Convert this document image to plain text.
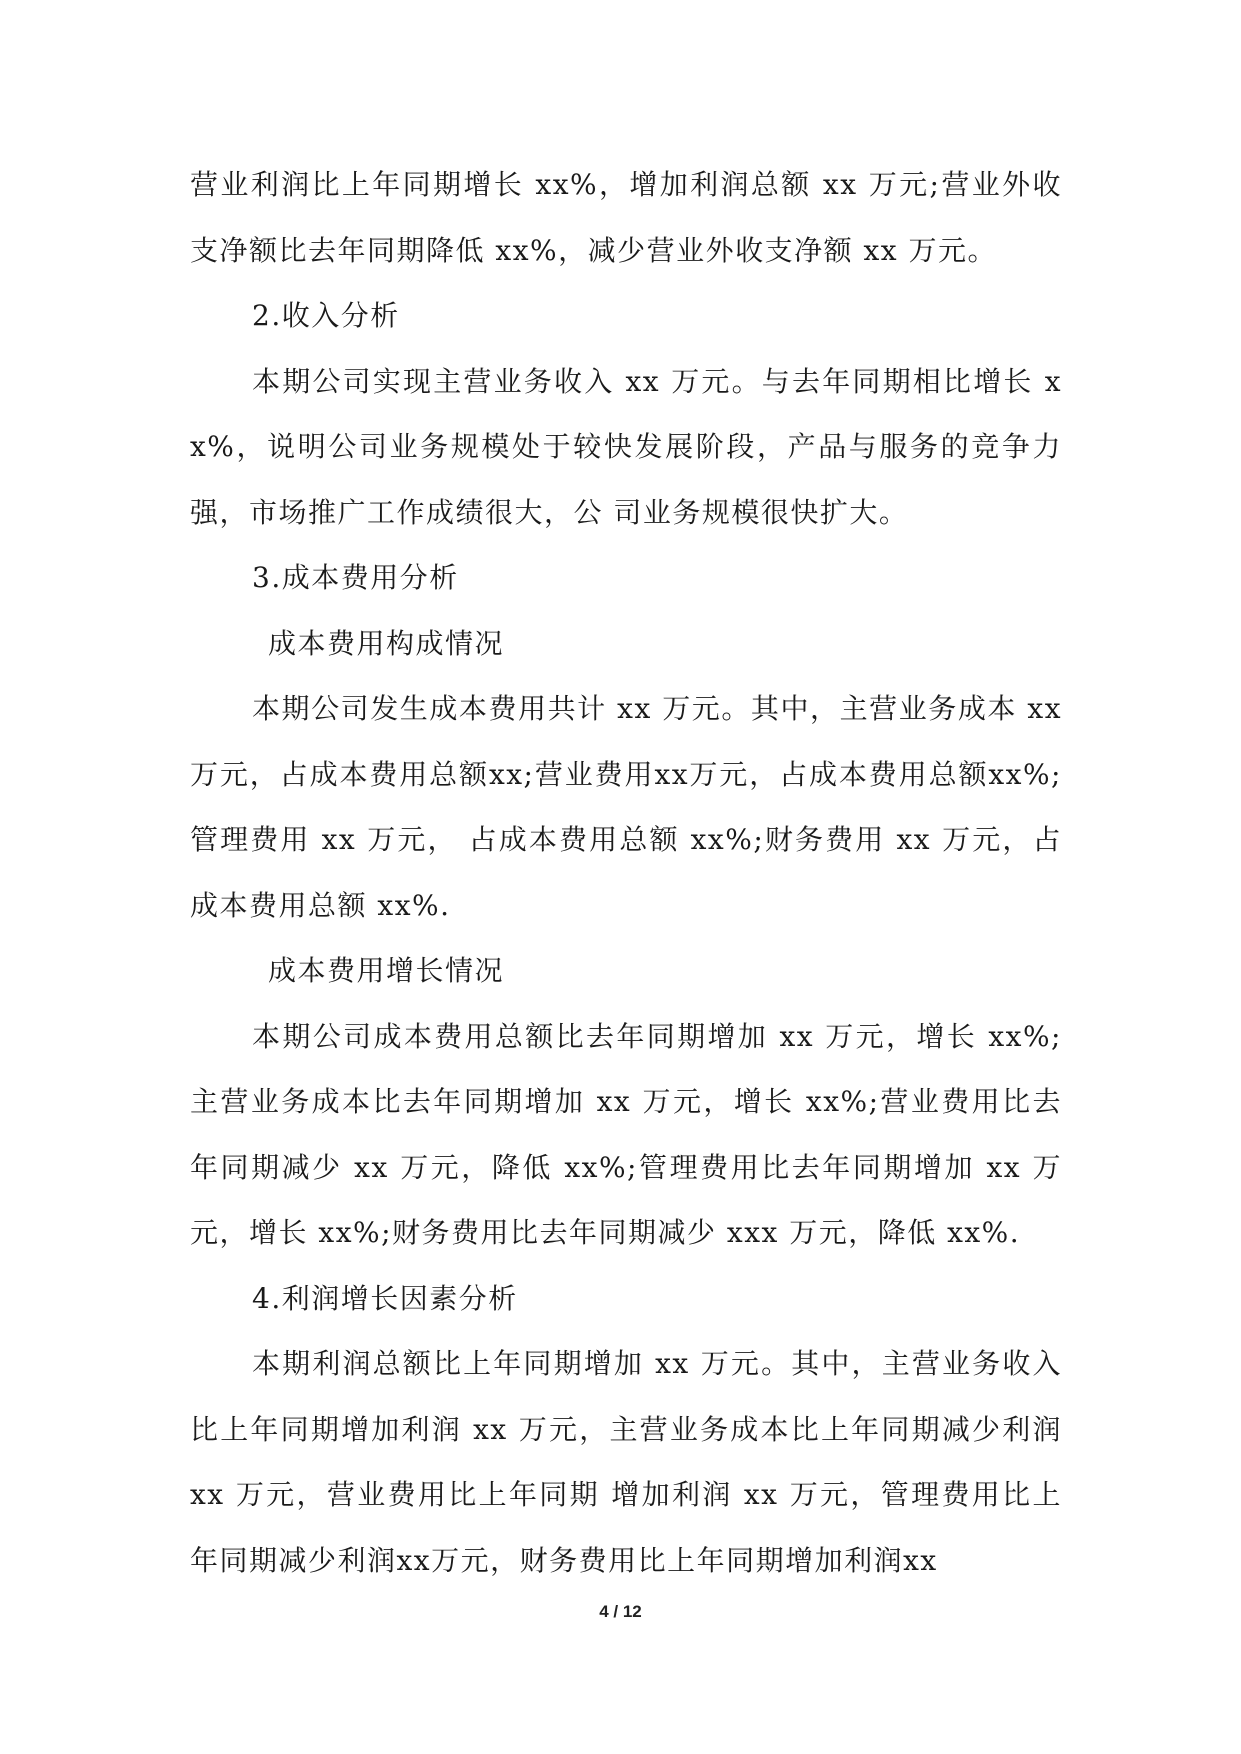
营业利润比上年同期增长 xx%，增加利润总额 xx 万元;营业外收支净额比去年同期降低 xx%，减少营业外收支净额 xx 万元。

2.收入分析

本期公司实现主营业务收入 xx 万元。与去年同期相比增长 xx%，说明公司业务规模处于较快发展阶段，产品与服务的竞争力强，市场推广工作成绩很大，公 司业务规模很快扩大。

3.成本费用分析

成本费用构成情况

本期公司发生成本费用共计 xx 万元。其中，主营业务成本 xx 万元，占成本费用总额xx;营业费用xx万元，占成本费用总额xx%;管理费用 xx 万元， 占成本费用总额 xx%;财务费用 xx 万元，占成本费用总额 xx%.

成本费用增长情况

本期公司成本费用总额比去年同期增加 xx 万元，增长 xx%;主营业务成本比去年同期增加 xx 万元，增长 xx%;营业费用比去年同期减少 xx 万元，降低 xx%;管理费用比去年同期增加 xx 万元，增长 xx%;财务费用比去年同期减少 xxx 万元，降低 xx%.

4.利润增长因素分析

本期利润总额比上年同期增加 xx 万元。其中，主营业务收入比上年同期增加利润 xx 万元，主营业务成本比上年同期减少利润 xx 万元，营业费用比上年同期 增加利润 xx 万元，管理费用比上年同期减少利润xx万元，财务费用比上年同期增加利润xx

4 / 12
